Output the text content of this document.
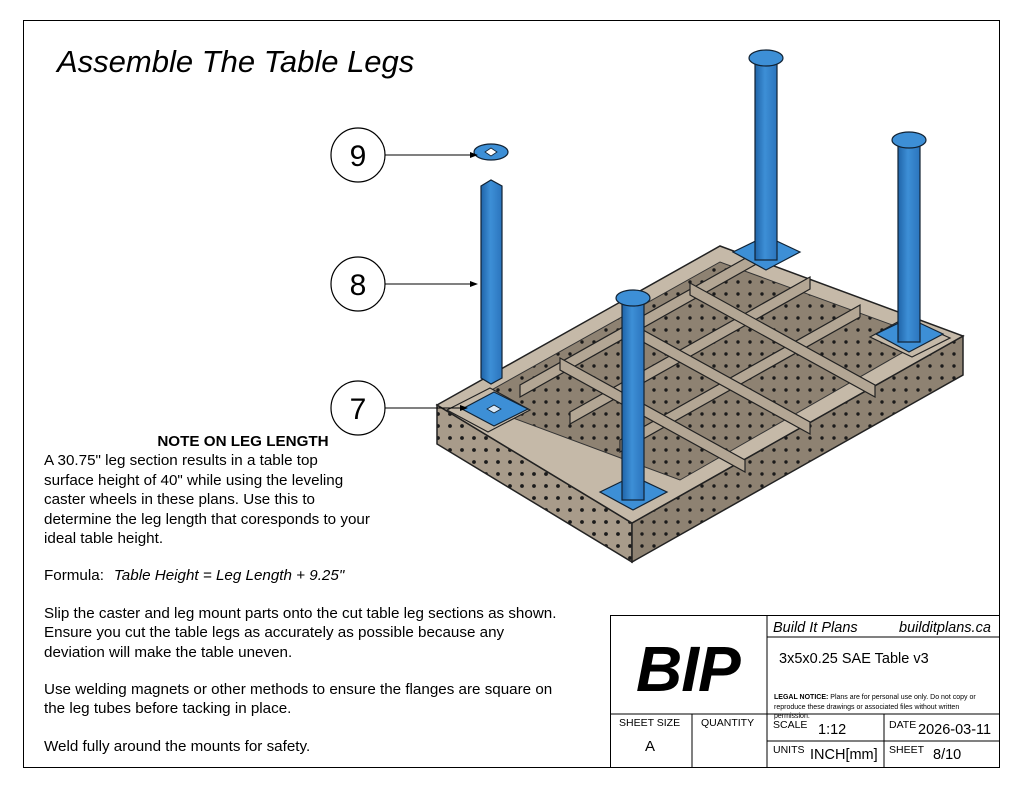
Assemble The Table Legs
9
8
7
NOTE ON LEG LENGTH

A 30.75" leg section results in a table top

surface height of 40" while using the leveling

caster wheels in these plans. Use this to

determine the leg length that coresponds to your

ideal table height.

Formula: Table Height = Leg Length + 9.25"

Slip the caster and leg mount parts onto the cut table leg sections as shown.

Ensure you cut the table legs as accurately as possible because any

deviation will make the table uneven.

Use welding magnets or other methods to ensure the flanges are square on

the leg tubes before tacking in place.

Weld fully around the mounts for safety.

BIP
Build It Plans	builditplans.ca
3x5x0.25 SAE Table v3
LEGAL NOTICE: Plans are for personal use only. Do not copy or reproduce these drawings or associated files without written permission.
SHEET SIZE
A
QUANTITY SCALE 1:12	DATE 2026-03-11
UNITS INCH[mm] SHEET 8/10
